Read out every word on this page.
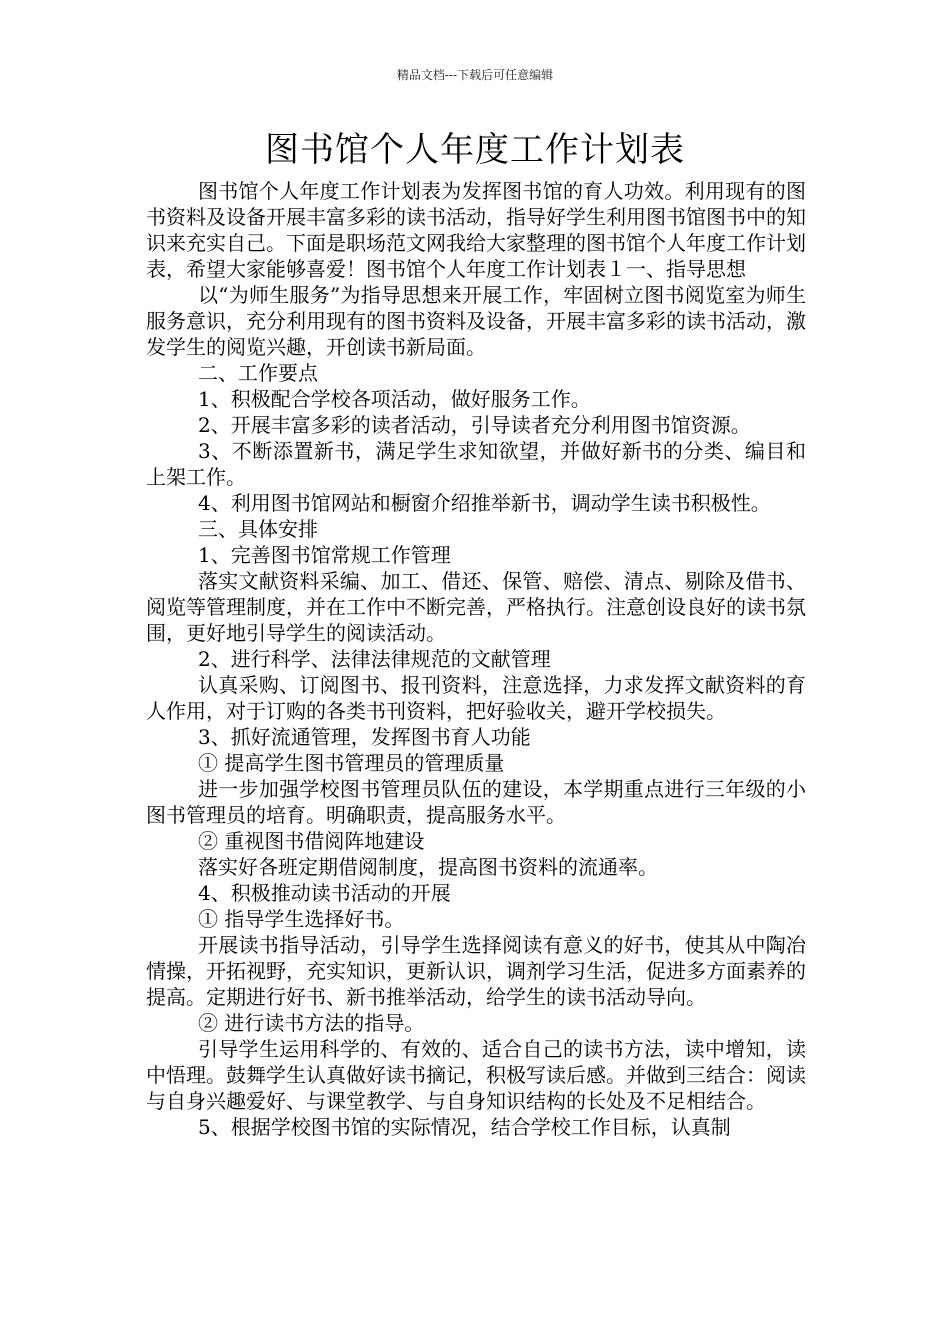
精品文档---下载后可任意编辑
图书馆个人年度工作计划表

图书馆个人年度工作计划表为发挥图书馆的育人功效。利用现有的图书资料及设备开展丰富多彩的读书活动，指导好学生利用图书馆图书中的知识来充实自己。下面是职场范文网我给大家整理的图书馆个人年度工作计划表，希望大家能够喜爱！图书馆个人年度工作计划表１一、指导思想

以“为师生服务”为指导思想来开展工作，牢固树立图书阅览室为师生服务意识，充分利用现有的图书资料及设备，开展丰富多彩的读书活动，激发学生的阅览兴趣，开创读书新局面。

二、工作要点

1、积极配合学校各项活动，做好服务工作。

2、开展丰富多彩的读者活动，引导读者充分利用图书馆资源。

3、不断添置新书，满足学生求知欲望，并做好新书的分类、编目和上架工作。

4、利用图书馆网站和橱窗介绍推举新书，调动学生读书积极性。

三、具体安排

1、完善图书馆常规工作管理

落实文献资料采编、加工、借还、保管、赔偿、清点、剔除及借书、阅览等管理制度，并在工作中不断完善，严格执行。注意创设良好的读书氛围，更好地引导学生的阅读活动。

2、进行科学、法律法律规范的文献管理

认真采购、订阅图书、报刊资料，注意选择，力求发挥文献资料的育人作用，对于订购的各类书刊资料，把好验收关，避开学校损失。

3、抓好流通管理，发挥图书育人功能

① 提高学生图书管理员的管理质量

进一步加强学校图书管理员队伍的建设，本学期重点进行三年级的小图书管理员的培育。明确职责，提高服务水平。

② 重视图书借阅阵地建设

落实好各班定期借阅制度，提高图书资料的流通率。

4、积极推动读书活动的开展

① 指导学生选择好书。

开展读书指导活动，引导学生选择阅读有意义的好书，使其从中陶冶情操，开拓视野，充实知识，更新认识，调剂学习生活，促进多方面素养的提高。定期进行好书、新书推举活动，给学生的读书活动导向。

② 进行读书方法的指导。

引导学生运用科学的、有效的、适合自己的读书方法，读中增知，读中悟理。鼓舞学生认真做好读书摘记，积极写读后感。并做到三结合：阅读与自身兴趣爱好、与课堂教学、与自身知识结构的长处及不足相结合。

5、根据学校图书馆的实际情况，结合学校工作目标，认真制
